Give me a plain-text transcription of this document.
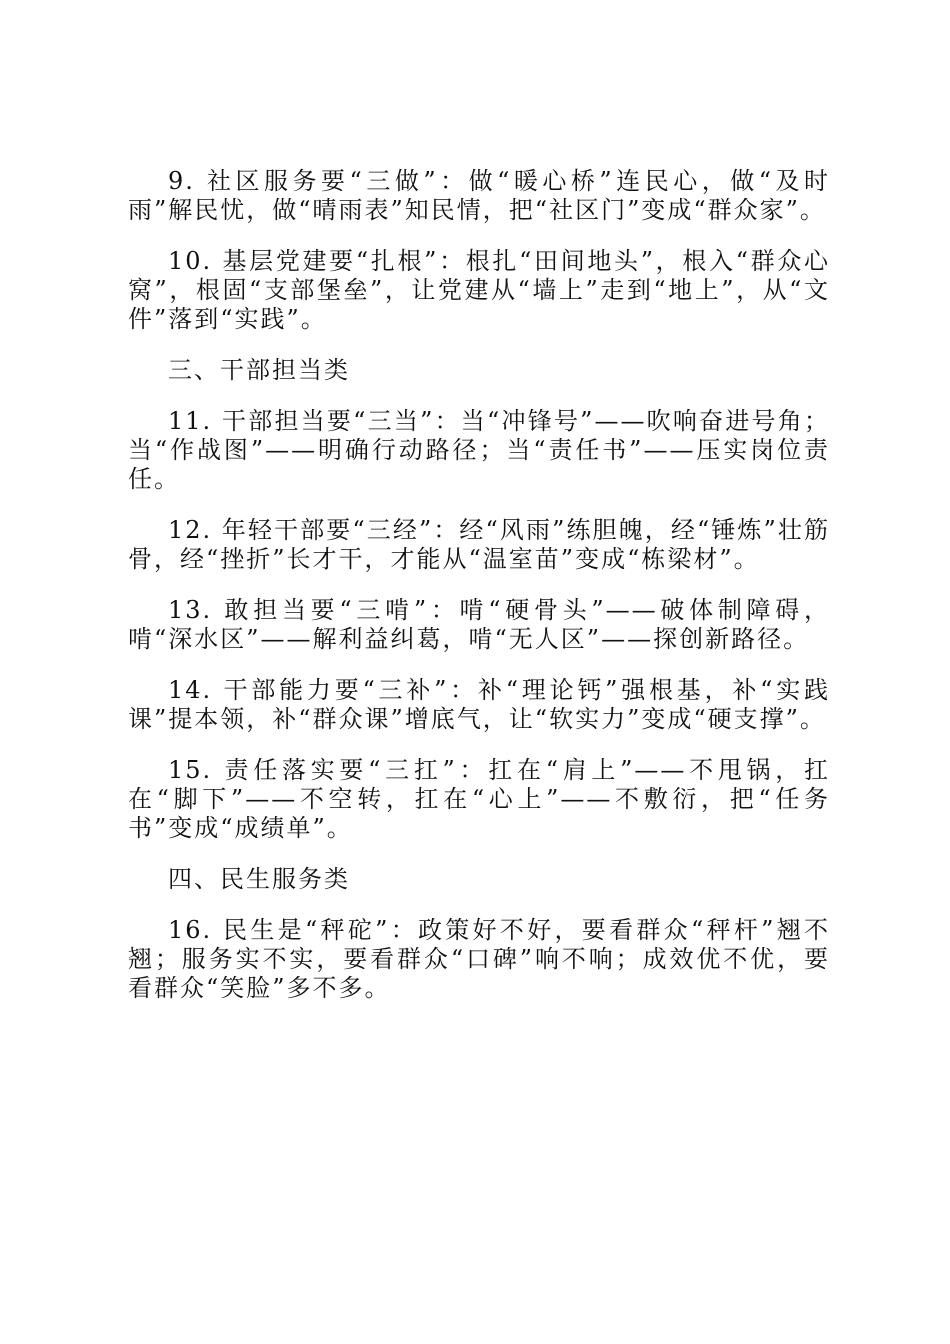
9. 社区服务要“三做”：做“暖心桥”连民心，做“及时雨”解民忧，做“晴雨表”知民情，把“社区门”变成“群众家”。

10. 基层党建要“扎根”：根扎“田间地头”，根入“群众心窝”，根固“支部堡垒”，让党建从“墙上”走到“地上”，从“文件”落到“实践”。

三、干部担当类

11. 干部担当要“三当”：当“冲锋号”——吹响奋进号角；当“作战图”——明确行动路径；当“责任书”——压实岗位责任。

12. 年轻干部要“三经”：经“风雨”练胆魄，经“锤炼”壮筋骨，经“挫折”长才干，才能从“温室苗”变成“栋梁材”。

13. 敢担当要“三啃”：啃“硬骨头”——破体制障碍，啃“深水区”——解利益纠葛，啃“无人区”——探创新路径。

14. 干部能力要“三补”：补“理论钙”强根基，补“实践课”提本领，补“群众课”增底气，让“软实力”变成“硬支撑”。

15. 责任落实要“三扛”：扛在“肩上”——不甩锅，扛在“脚下”——不空转，扛在“心上”——不敷衍，把“任务书”变成“成绩单”。

四、民生服务类

16. 民生是“秤砣”：政策好不好，要看群众“秤杆”翘不翘；服务实不实，要看群众“口碑”响不响；成效优不优，要看群众“笑脸”多不多。
